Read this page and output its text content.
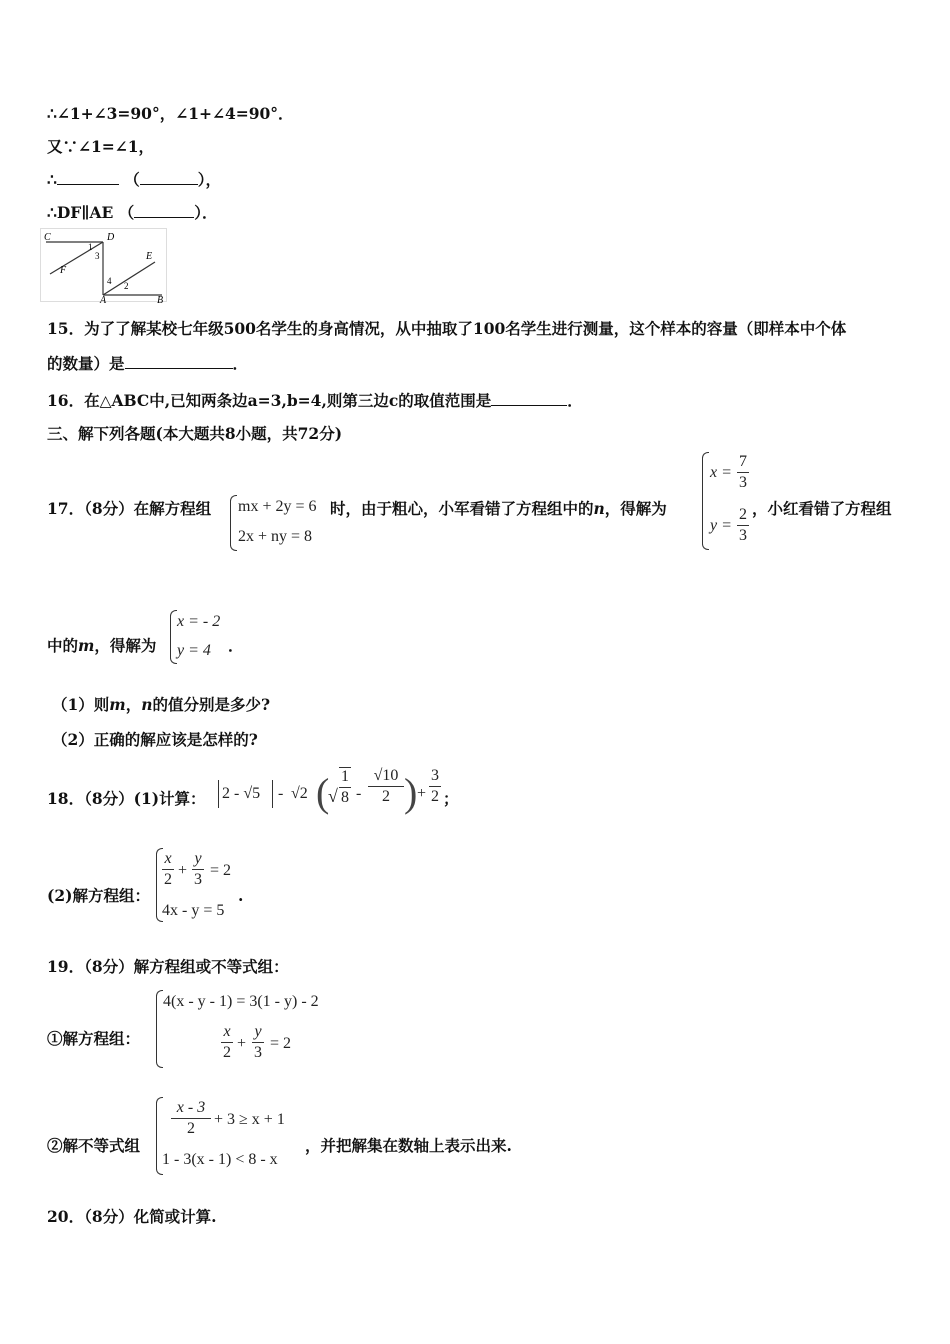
∴∠1+∠3=90°，∠1+∠4=90°．
又∵∠1=∠1，
∴	（	），
∴DF∥AE （	）．
C	D
F
E
A	B
1
3
4 2
15．为了了解某校七年级500名学生的身高情况，从中抽取了100名学生进行测量，这个样本的容量（即样本中个体
的数量）是	．
16．在△ABC中,已知两条边a=3,b=4,则第三边c的取值范围是	．
三、解下列各题(本大题共8小题，共72分)
17．（8分）在解方程组 mx + 2y = 6
2x + ny = 8
时，由于粗心，小军看错了方程组中的n，得解为
x =
7
3
y =
2
3
，小红看错了方程组
中的m，得解为
x = - 2
y = 4 ．
（1）则m，n的值分别是多少?
（2）正确的解应该是怎样的?
18．（8分）(1)计算： 2 - √5 - √2 (
√
1
8 -
√10
2 ) +
3
2 ；
(2)解方程组：
x
2
+
y
3
= 2
4x - y = 5
.
19．（8分）解方程组或不等式组：
①解方程组：
4(x - y - 1) = 3(1 - y) - 2
x
2
+
y
3
= 2
②解不等式组
x - 3
2
+ 3 ≥ x + 1
1 - 3(x - 1) < 8 - x
，并把解集在数轴上表示出来.
20．（8分）化简或计算.
